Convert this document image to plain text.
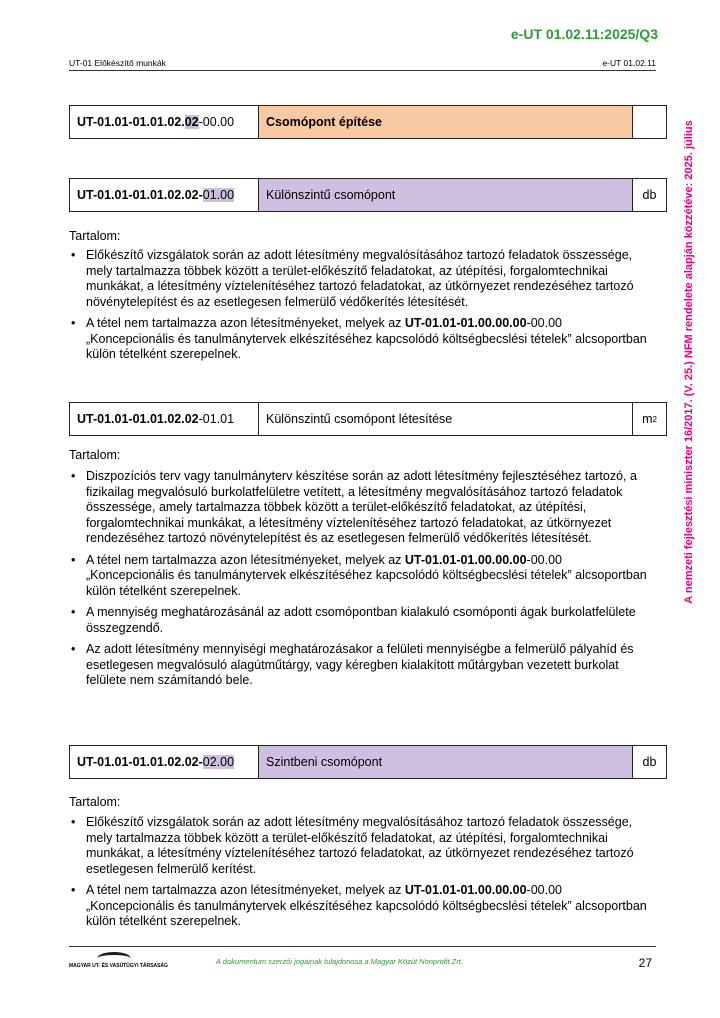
e-UT 01.02.11:2025/Q3
UT-01 Előkészítő munkák	e-UT 01.02.11
A nemzeti fejlesztési miniszter 16/2017. (V. 25.) NFM rendelete alapján közzétéve: 2025. július
UT-01.01-01.01.02.02 -00.00	Csomópont építése
UT-01.01-01.01.02.02- 01.00	Különszintű csomópont	db
Tartalom:
• Előkészítő vizsgálatok során az adott létesítmény megvalósításához tartozó feladatok összessége, mely tartalmazza többek között a terület-előkészítő feladatokat, az útépítési, forgalomtechnikai munkákat, a létesítmény víztelenítéséhez tartozó feladatokat, az útkörnyezet rendezéséhez tartozó növénytelepítést és az esetlegesen felmerülő védőkerítés létesítését.
• A tétel nem tartalmazza azon létesítményeket, melyek az UT-01.01-01.00.00.00-00.00 „Koncepcionális és tanulmánytervek elkészítéséhez kapcsolódó költségbecslési tételek” alcsoportban külön tételként szerepelnek.
UT-01.01-01.01.02.02 -01.01	Különszintű csomópont létesítése	m 2
Tartalom:
• Diszpozíciós terv vagy tanulmányterv készítése során az adott létesítmény fejlesztéséhez tartozó, a fizikailag megvalósuló burkolatfelületre vetített, a létesítmény megvalósításához tartozó feladatok összessége, amely tartalmazza többek között a terület-előkészítő feladatokat, az útépítési, forgalomtechnikai munkákat, a létesítmény víztelenítéséhez tartozó feladatokat, az útkörnyezet rendezéséhez tartozó növénytelepítést és az esetlegesen felmerülő védőkerítés létesítését.
• A tétel nem tartalmazza azon létesítményeket, melyek az UT-01.01-01.00.00.00-00.00 „Koncepcionális és tanulmánytervek elkészítéséhez kapcsolódó költségbecslési tételek” alcsoportban külön tételként szerepelnek.
• A mennyiség meghatározásánál az adott csomópontban kialakuló csomóponti ágak burkolatfelülete összegzendő.
• Az adott létesítmény mennyiségi meghatározásakor a felületi mennyiségbe a felmerülő pályahíd és esetlegesen megvalósuló alagútműtárgy, vagy kéregben kialakított műtárgyban vezetett burkolat felülete nem számítandó bele.
UT-01.01-01.01.02.02- 02.00	Szintbeni csomópont	db
Tartalom:
• Előkészítő vizsgálatok során az adott létesítmény megvalósításához tartozó feladatok összessége, mely tartalmazza többek között a terület-előkészítő feladatokat, az útépítési, forgalomtechnikai munkákat, a létesítmény víztelenítéséhez tartozó feladatokat, az útkörnyezet rendezéséhez tartozó esetlegesen felmerülő kerítést.
• A tétel nem tartalmazza azon létesítményeket, melyek az UT-01.01-01.00.00.00-00.00 „Koncepcionális és tanulmánytervek elkészítéséhez kapcsolódó költségbecslési tételek” alcsoportban külön tételként szerepelnek.
MAGYAR UT- ÉS VASÚTÜGYI TÁRSASÁG	A dokumentum szerzői jogainak tulajdonosa a Magyar Közút Nonprofit Zrt.	27
